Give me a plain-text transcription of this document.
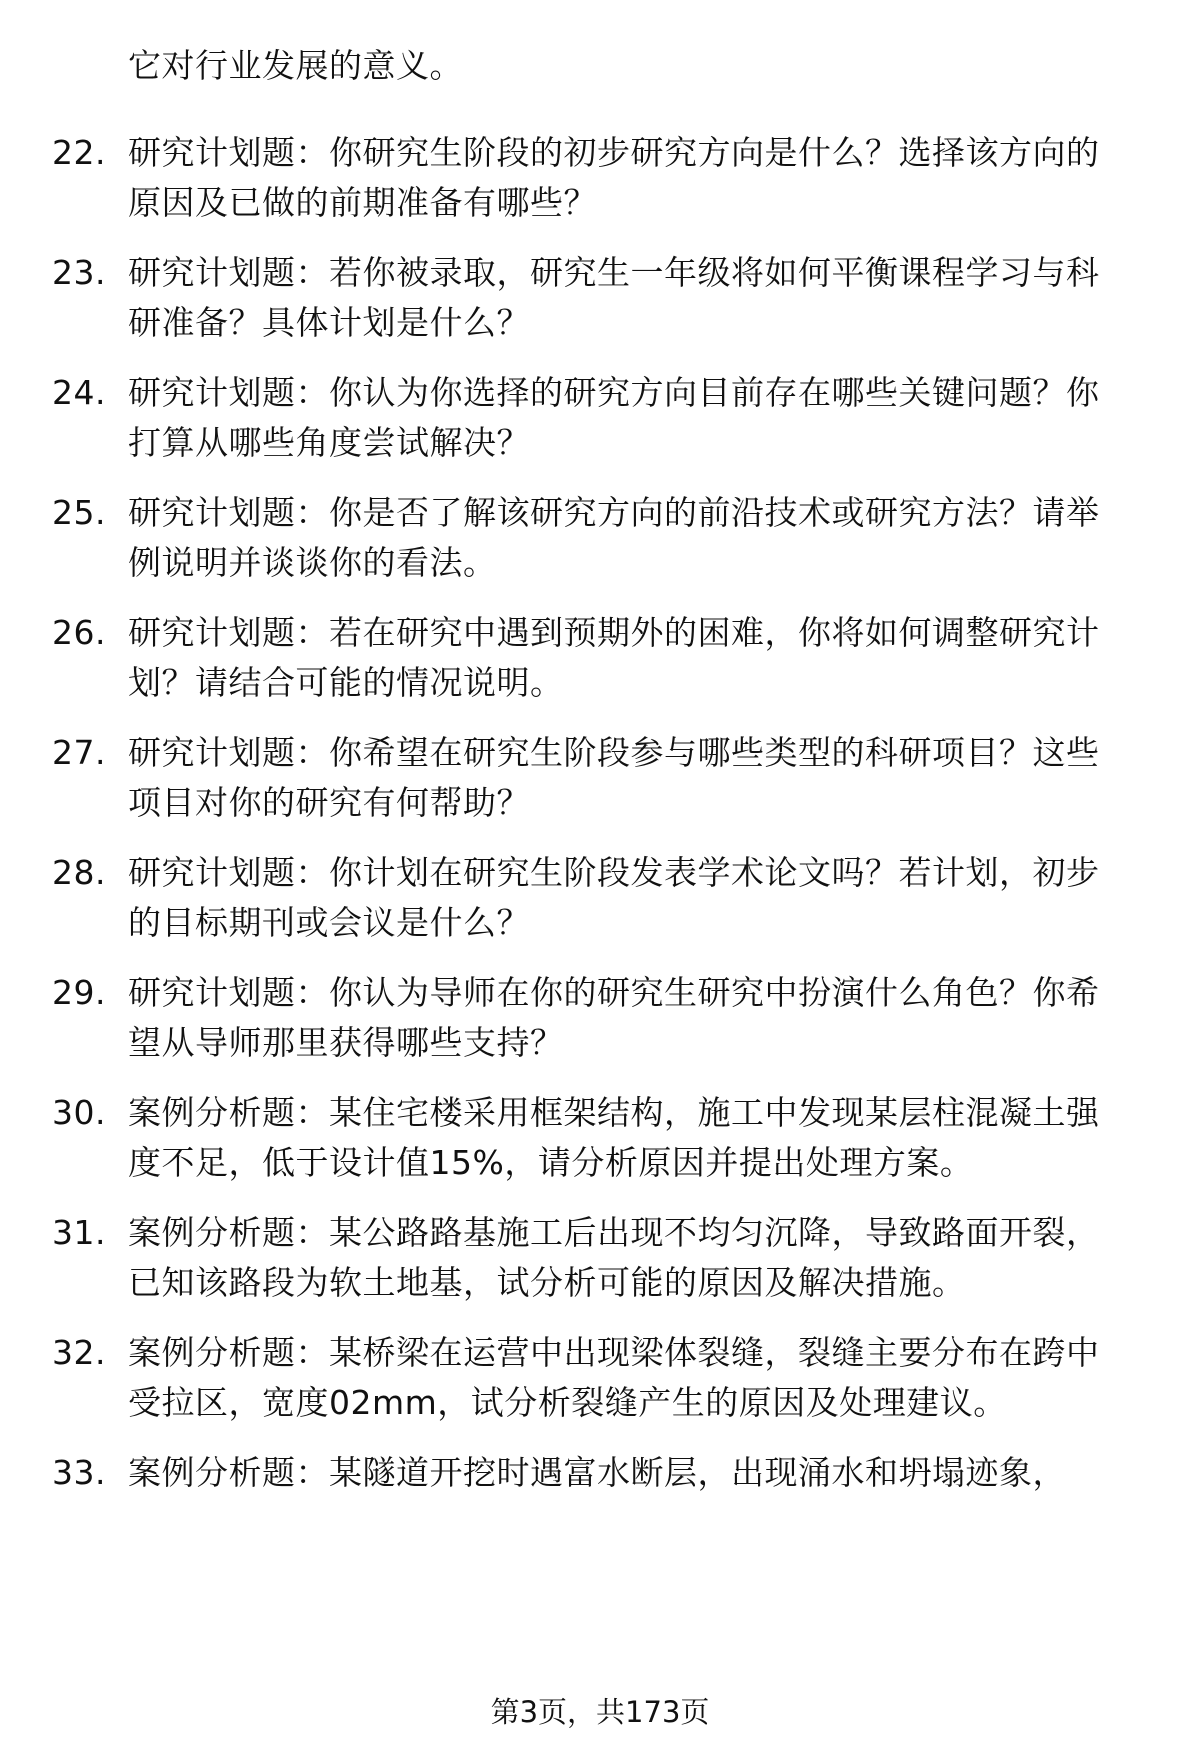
它对行业发展的意义。
22. 研究计划题：你研究生阶段的初步研究方向是什么？选择该方向的原因及已做的前期准备有哪些？
23. 研究计划题：若你被录取，研究生一年级将如何平衡课程学习与科研准备？具体计划是什么？
24. 研究计划题：你认为你选择的研究方向目前存在哪些关键问题？你打算从哪些角度尝试解决？
25. 研究计划题：你是否了解该研究方向的前沿技术或研究方法？请举例说明并谈谈你的看法。
26. 研究计划题：若在研究中遇到预期外的困难，你将如何调整研究计划？请结合可能的情况说明。
27. 研究计划题：你希望在研究生阶段参与哪些类型的科研项目？这些项目对你的研究有何帮助？
28. 研究计划题：你计划在研究生阶段发表学术论文吗？若计划，初步的目标期刊或会议是什么？
29. 研究计划题：你认为导师在你的研究生研究中扮演什么角色？你希望从导师那里获得哪些支持？
30. 案例分析题：某住宅楼采用框架结构，施工中发现某层柱混凝土强度不足，低于设计值15%，请分析原因并提出处理方案。
31. 案例分析题：某公路路基施工后出现不均匀沉降，导致路面开裂，已知该路段为软土地基，试分析可能的原因及解决措施。
32. 案例分析题：某桥梁在运营中出现梁体裂缝，裂缝主要分布在跨中受拉区，宽度02mm，试分析裂缝产生的原因及处理建议。
33. 案例分析题：某隧道开挖时遇富水断层，出现涌水和坍塌迹象，
第3页，共173页
